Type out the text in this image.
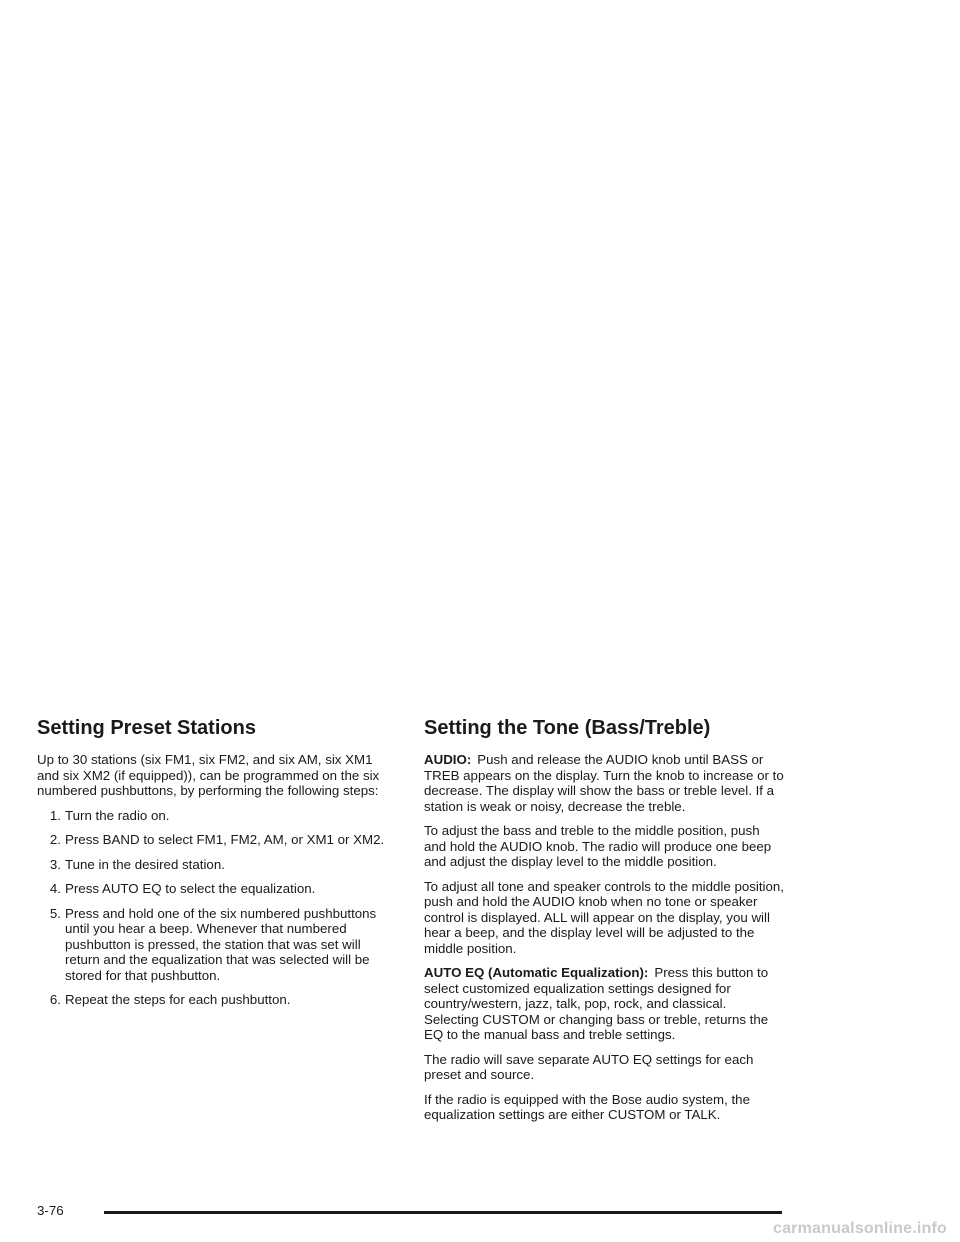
Setting Preset Stations

Up to 30 stations (six FM1, six FM2, and six AM, six XM1 and six XM2 (if equipped)), can be programmed on the six numbered pushbuttons, by performing the following steps:

1. Turn the radio on.
2. Press BAND to select FM1, FM2, AM, or XM1 or XM2.
3. Tune in the desired station.
4. Press AUTO EQ to select the equalization.
5. Press and hold one of the six numbered pushbuttons until you hear a beep. Whenever that numbered pushbutton is pressed, the station that was set will return and the equalization that was selected will be stored for that pushbutton.
6. Repeat the steps for each pushbutton.
Setting the Tone (Bass/Treble)

AUDIO: Push and release the AUDIO knob until BASS or TREB appears on the display. Turn the knob to increase or to decrease. The display will show the bass or treble level. If a station is weak or noisy, decrease the treble.

To adjust the bass and treble to the middle position, push and hold the AUDIO knob. The radio will produce one beep and adjust the display level to the middle position.

To adjust all tone and speaker controls to the middle position, push and hold the AUDIO knob when no tone or speaker control is displayed. ALL will appear on the display, you will hear a beep, and the display level will be adjusted to the middle position.

AUTO EQ (Automatic Equalization): Press this button to select customized equalization settings designed for country/western, jazz, talk, pop, rock, and classical. Selecting CUSTOM or changing bass or treble, returns the EQ to the manual bass and treble settings.

The radio will save separate AUTO EQ settings for each preset and source.

If the radio is equipped with the Bose audio system, the equalization settings are either CUSTOM or TALK.

3-76
carmanualsonline.info
